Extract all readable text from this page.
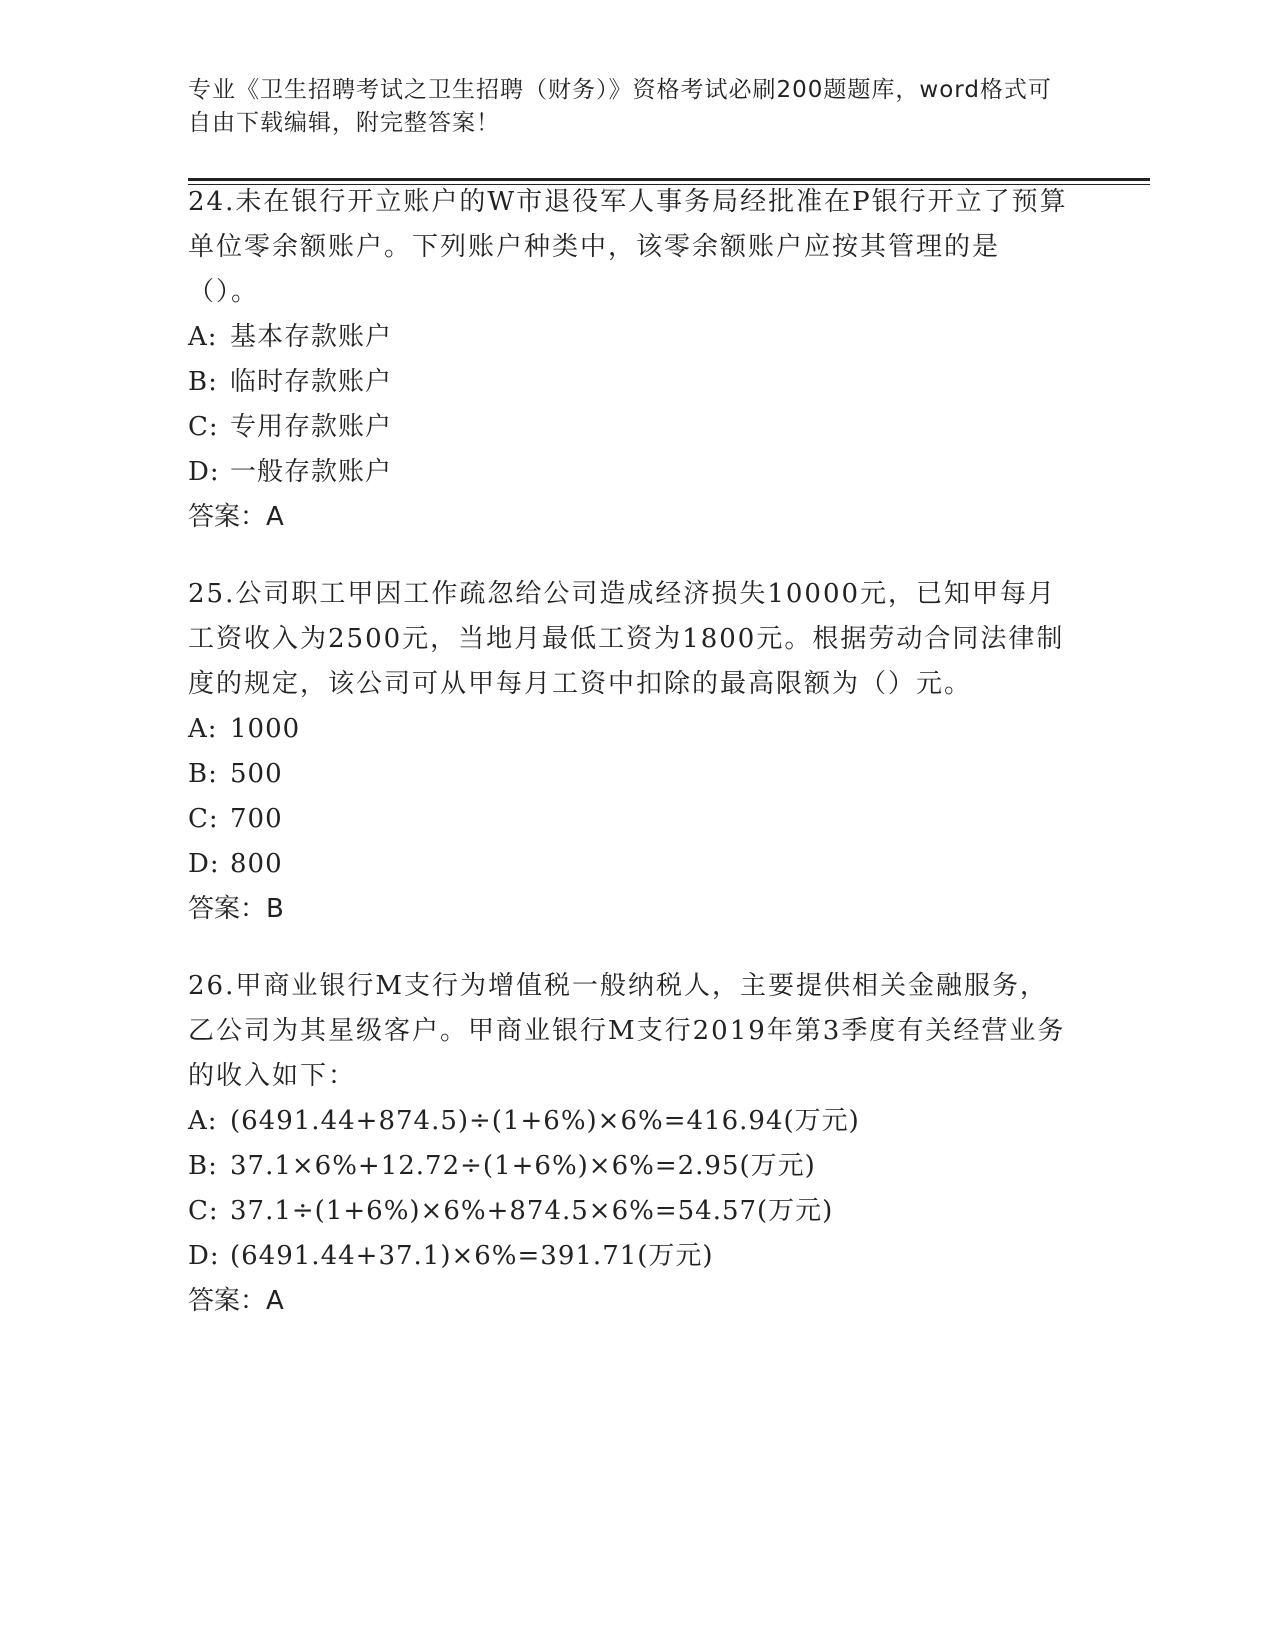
专业《卫生招聘考试之卫生招聘（财务）》资格考试必刷200题题库，word格式可自由下载编辑，附完整答案！

24.未在银行开立账户的W市退役军人事务局经批准在P银行开立了预算单位零余额账户。下列账户种类中，该零余额账户应按其管理的是（）。

A: 基本存款账户

B: 临时存款账户

C: 专用存款账户

D: 一般存款账户

答案：A

25.公司职工甲因工作疏忽给公司造成经济损失10000元，已知甲每月工资收入为2500元，当地月最低工资为1800元。根据劳动合同法律制度的规定，该公司可从甲每月工资中扣除的最高限额为（）元。

A: 1000

B: 500

C: 700

D: 800

答案：B

26.甲商业银行M支行为增值税一般纳税人，主要提供相关金融服务，乙公司为其星级客户。甲商业银行M支行2019年第3季度有关经营业务的收入如下：

A: (6491.44+874.5)÷(1+6%)×6%=416.94(万元)

B: 37.1×6%+12.72÷(1+6%)×6%=2.95(万元)

C: 37.1÷(1+6%)×6%+874.5×6%=54.57(万元)

D: (6491.44+37.1)×6%=391.71(万元)

答案：A
